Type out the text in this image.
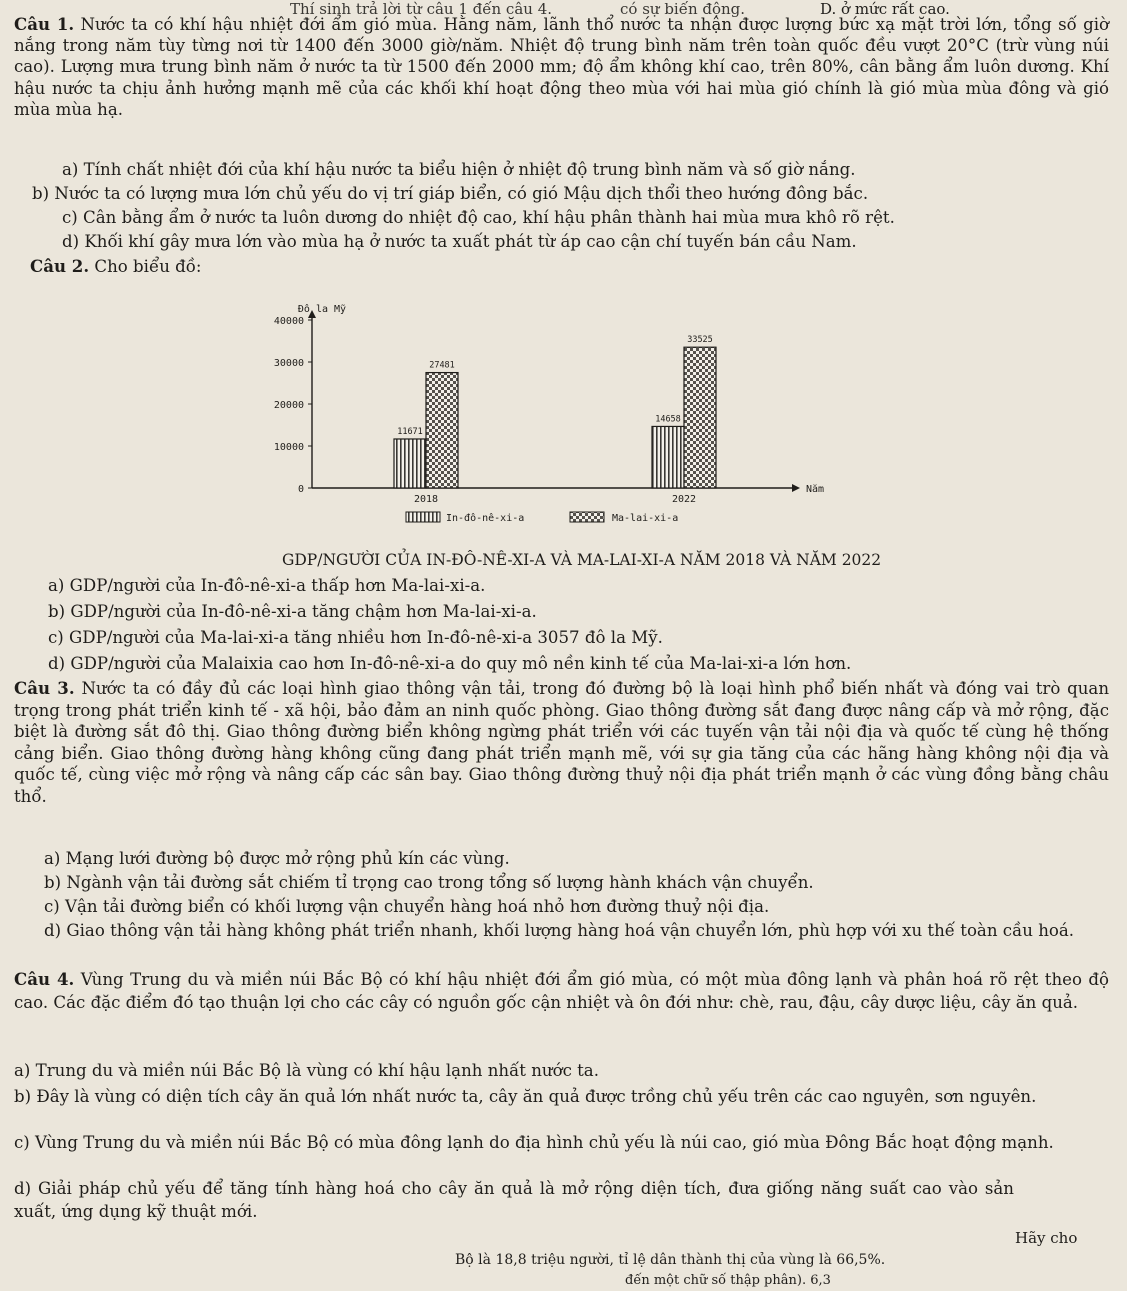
Thí sinh trả lời từ câu 1 đến câu 4.	có sự biến động.	D. ở mức rất cao.
Câu 1. Nước ta có khí hậu nhiệt đới ẩm gió mùa. Hằng năm, lãnh thổ nước ta nhận được lượng bức xạ mặt trời lớn, tổng số giờ nắng trong năm tùy từng nơi từ 1400 đến 3000 giờ/năm. Nhiệt độ trung bình năm trên toàn quốc đều vượt 20°C (trừ vùng núi cao). Lượng mưa trung bình năm ở nước ta từ 1500 đến 2000 mm; độ ẩm không khí cao, trên 80%, cân bằng ẩm luôn dương. Khí hậu nước ta chịu ảnh hưởng mạnh mẽ của các khối khí hoạt động theo mùa với hai mùa gió chính là gió mùa mùa đông và gió mùa mùa hạ.
a) Tính chất nhiệt đới của khí hậu nước ta biểu hiện ở nhiệt độ trung bình năm và số giờ nắng.
b) Nước ta có lượng mưa lớn chủ yếu do vị trí giáp biển, có gió Mậu dịch thổi theo hướng đông bắc.
c) Cân bằng ẩm ở nước ta luôn dương do nhiệt độ cao, khí hậu phân thành hai mùa mưa khô rõ rệt.
d) Khối khí gây mưa lớn vào mùa hạ ở nước ta xuất phát từ áp cao cận chí tuyến bán cầu Nam.
Câu 2. Cho biểu đồ:
0
10000
20000
30000
40000
Đô la Mỹ
Năm
11671
27481
2018
14658
33525
2022
In-đô-nê-xi-a	Ma-lai-xi-a
GDP/NGƯỜI CỦA IN-ĐÔ-NÊ-XI-A VÀ MA-LAI-XI-A NĂM 2018 VÀ NĂM 2022
a) GDP/người của In-đô-nê-xi-a thấp hơn Ma-lai-xi-a.
b) GDP/người của In-đô-nê-xi-a tăng chậm hơn Ma-lai-xi-a.
c) GDP/người của Ma-lai-xi-a tăng nhiều hơn In-đô-nê-xi-a 3057 đô la Mỹ.
d) GDP/người của Malaixia cao hơn In-đô-nê-xi-a do quy mô nền kinh tế của Ma-lai-xi-a lớn hơn.
Câu 3. Nước ta có đầy đủ các loại hình giao thông vận tải, trong đó đường bộ là loại hình phổ biến nhất và đóng vai trò quan trọng trong phát triển kinh tế - xã hội, bảo đảm an ninh quốc phòng. Giao thông đường sắt đang được nâng cấp và mở rộng, đặc biệt là đường sắt đô thị. Giao thông đường biển không ngừng phát triển với các tuyến vận tải nội địa và quốc tế cùng hệ thống cảng biển. Giao thông đường hàng không cũng đang phát triển mạnh mẽ, với sự gia tăng của các hãng hàng không nội địa và quốc tế, cùng việc mở rộng và nâng cấp các sân bay. Giao thông đường thuỷ nội địa phát triển mạnh ở các vùng đồng bằng châu thổ.
a) Mạng lưới đường bộ được mở rộng phủ kín các vùng.
b) Ngành vận tải đường sắt chiếm tỉ trọng cao trong tổng số lượng hành khách vận chuyển.
c) Vận tải đường biển có khối lượng vận chuyển hàng hoá nhỏ hơn đường thuỷ nội địa.
d) Giao thông vận tải hàng không phát triển nhanh, khối lượng hàng hoá vận chuyển lớn, phù hợp với xu thế toàn cầu hoá.
Câu 4. Vùng Trung du và miền núi Bắc Bộ có khí hậu nhiệt đới ẩm gió mùa, có một mùa đông lạnh và phân hoá rõ rệt theo độ cao. Các đặc điểm đó tạo thuận lợi cho các cây có nguồn gốc cận nhiệt và ôn đới như: chè, rau, đậu, cây dược liệu, cây ăn quả.
a) Trung du và miền núi Bắc Bộ là vùng có khí hậu lạnh nhất nước ta.
b) Đây là vùng có diện tích cây ăn quả lớn nhất nước ta, cây ăn quả được trồng chủ yếu trên các cao nguyên, sơn nguyên.
c) Vùng Trung du và miền núi Bắc Bộ có mùa đông lạnh do địa hình chủ yếu là núi cao, gió mùa Đông Bắc hoạt động mạnh.
d) Giải pháp chủ yếu để tăng tính hàng hoá cho cây ăn quả là mở rộng diện tích, đưa giống năng suất cao vào sản xuất, ứng dụng kỹ thuật mới.
Hãy cho
Bộ là 18,8 triệu người, tỉ lệ dân thành thị của vùng là 66,5%.
đến một chữ số thập phân). 6,3
